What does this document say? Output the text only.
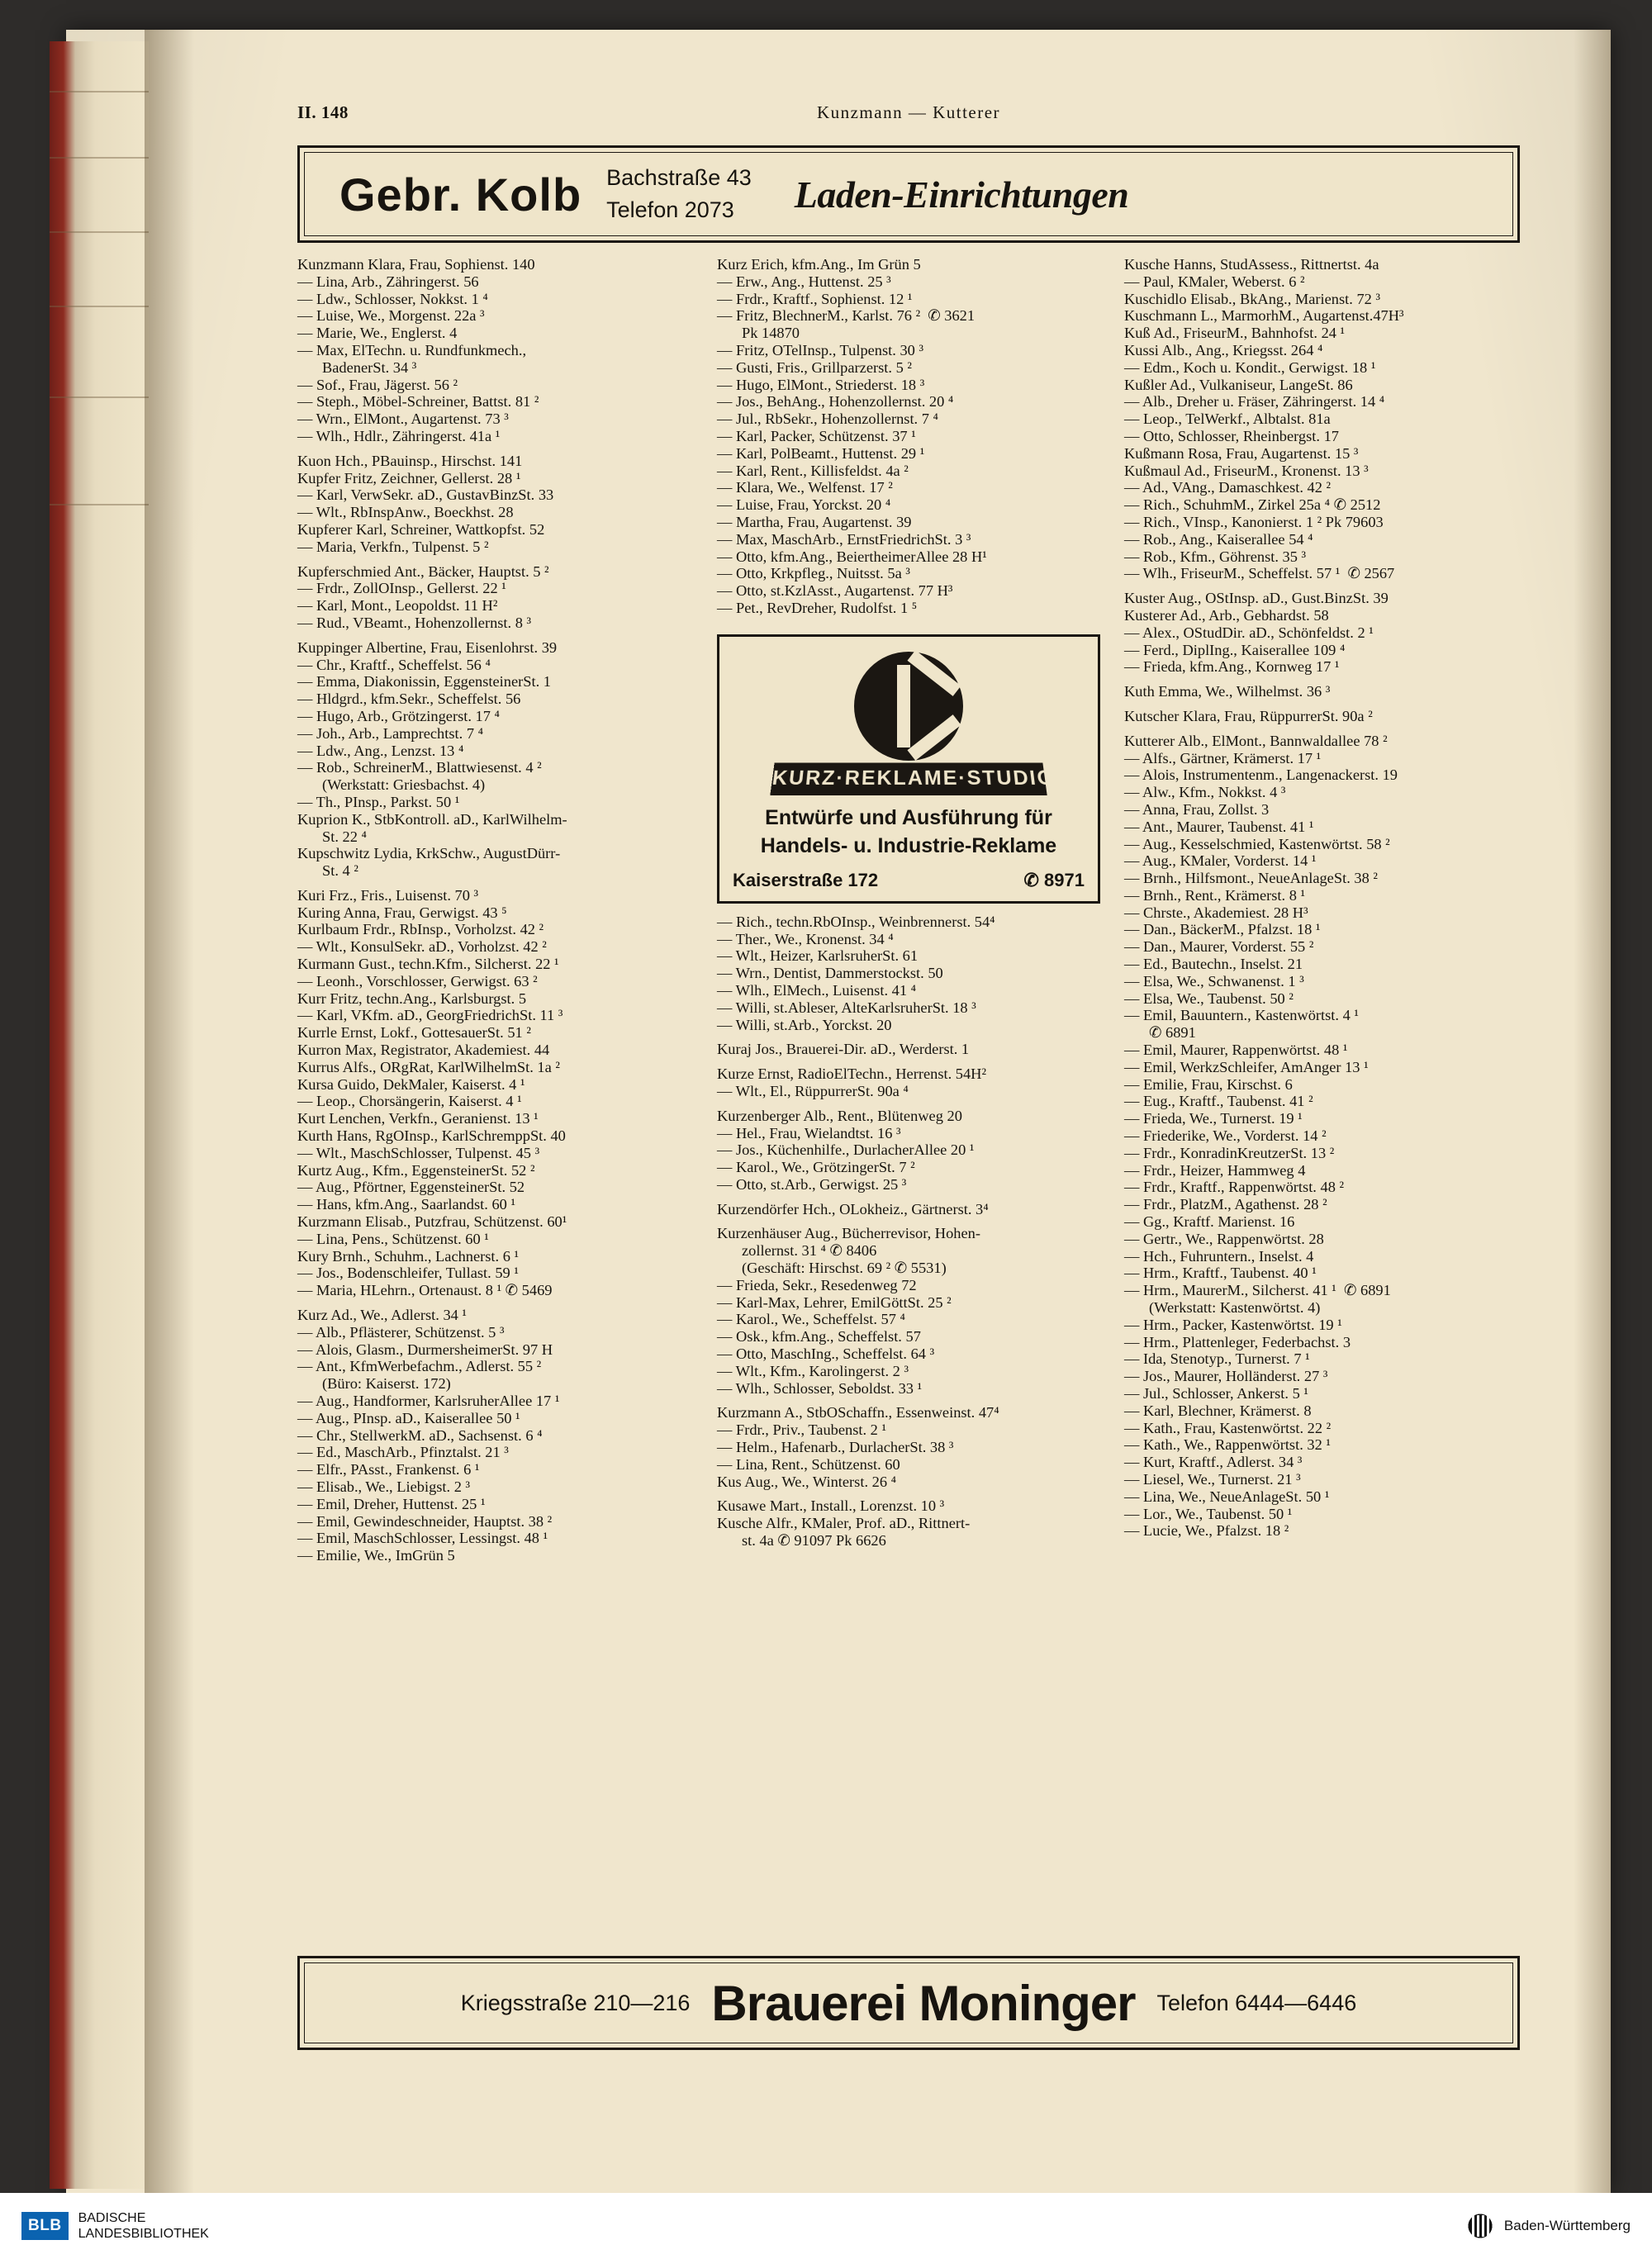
II. 148	Kunzmann — Kutterer
Gebr. Kolb Bachstraße 43
Telefon 2073	Laden-Einrichtungen
Kunzmann Klara, Frau, Sophienst. 140
— Lina, Arb., Zähringerst. 56
— Ldw., Schlosser, Nokkst. 1 ⁴
— Luise, We., Morgenst. 22a ³
— Marie, We., Englerst. 4
— Max, ElTechn. u. Rundfunkmech.,
BadenerSt. 34 ³
— Sof., Frau, Jägerst. 56 ²
— Steph., Möbel-Schreiner, Battst. 81 ²
— Wrn., ElMont., Augartenst. 73 ³
— Wlh., Hdlr., Zähringerst. 41a ¹
Kuon Hch., PBauinsp., Hirschst. 141
Kupfer Fritz, Zeichner, Gellerst. 28 ¹
— Karl, VerwSekr. aD., GustavBinzSt. 33
— Wlt., RbInspAnw., Boeckhst. 28
Kupferer Karl, Schreiner, Wattkopfst. 52
— Maria, Verkfn., Tulpenst. 5 ²
Kupferschmied Ant., Bäcker, Hauptst. 5 ²
— Frdr., ZollOInsp., Gellerst. 22 ¹
— Karl, Mont., Leopoldst. 11 H²
— Rud., VBeamt., Hohenzollernst. 8 ³
Kuppinger Albertine, Frau, Eisenlohrst. 39
— Chr., Kraftf., Scheffelst. 56 ⁴
— Emma, Diakonissin, EggensteinerSt. 1
— Hldgrd., kfm.Sekr., Scheffelst. 56
— Hugo, Arb., Grötzingerst. 17 ⁴
— Joh., Arb., Lamprechtst. 7 ⁴
— Ldw., Ang., Lenzst. 13 ⁴
— Rob., SchreinerM., Blattwiesenst. 4 ²
(Werkstatt: Griesbachst. 4)
— Th., PInsp., Parkst. 50 ¹
Kuprion K., StbKontroll. aD., KarlWilhelm-
St. 22 ⁴
Kupschwitz Lydia, KrkSchw., AugustDürr-
St. 4 ²
Kuri Frz., Fris., Luisenst. 70 ³
Kuring Anna, Frau, Gerwigst. 43 ⁵
Kurlbaum Frdr., RbInsp., Vorholzst. 42 ²
— Wlt., KonsulSekr. aD., Vorholzst. 42 ²
Kurmann Gust., techn.Kfm., Silcherst. 22 ¹
— Leonh., Vorschlosser, Gerwigst. 63 ²
Kurr Fritz, techn.Ang., Karlsburgst. 5
— Karl, VKfm. aD., GeorgFriedrichSt. 11 ³
Kurrle Ernst, Lokf., GottesauerSt. 51 ²
Kurron Max, Registrator, Akademiest. 44
Kurrus Alfs., ORgRat, KarlWilhelmSt. 1a ²
Kursa Guido, DekMaler, Kaiserst. 4 ¹
— Leop., Chorsängerin, Kaiserst. 4 ¹
Kurt Lenchen, Verkfn., Geranienst. 13 ¹
Kurth Hans, RgOInsp., KarlSchremppSt. 40
— Wlt., MaschSchlosser, Tulpenst. 45 ³
Kurtz Aug., Kfm., EggensteinerSt. 52 ²
— Aug., Pförtner, EggensteinerSt. 52
— Hans, kfm.Ang., Saarlandst. 60 ¹
Kurzmann Elisab., Putzfrau, Schützenst. 60¹
— Lina, Pens., Schützenst. 60 ¹
Kury Brnh., Schuhm., Lachnerst. 6 ¹
— Jos., Bodenschleifer, Tullast. 59 ¹
— Maria, HLehrn., Ortenaust. 8 ¹ ✆ 5469
Kurz Ad., We., Adlerst. 34 ¹
— Alb., Pflästerer, Schützenst. 5 ³
— Alois, Glasm., DurmersheimerSt. 97 H
— Ant., KfmWerbefachm., Adlerst. 55 ²
(Büro: Kaiserst. 172)
— Aug., Handformer, KarlsruherAllee 17 ¹
— Aug., PInsp. aD., Kaiserallee 50 ¹
— Chr., StellwerkM. aD., Sachsenst. 6 ⁴
— Ed., MaschArb., Pfinztalst. 21 ³
— Elfr., PAsst., Frankenst. 6 ¹
— Elisab., We., Liebigst. 2 ³
— Emil, Dreher, Huttenst. 25 ¹
— Emil, Gewindeschneider, Hauptst. 38 ²
— Emil, MaschSchlosser, Lessingst. 48 ¹
— Emilie, We., ImGrün 5
Kurz Erich, kfm.Ang., Im Grün 5
— Erw., Ang., Huttenst. 25 ³
— Frdr., Kraftf., Sophienst. 12 ¹
— Fritz, BlechnerM., Karlst. 76 ²  ✆ 3621
Pk 14870
— Fritz, OTelInsp., Tulpenst. 30 ³
— Gusti, Fris., Grillparzerst. 5 ²
— Hugo, ElMont., Striederst. 18 ³
— Jos., BehAng., Hohenzollernst. 20 ⁴
— Jul., RbSekr., Hohenzollernst. 7 ⁴
— Karl, Packer, Schützenst. 37 ¹
— Karl, PolBeamt., Huttenst. 29 ¹
— Karl, Rent., Killisfeldst. 4a ²
— Klara, We., Welfenst. 17 ²
— Luise, Frau, Yorckst. 20 ⁴
— Martha, Frau, Augartenst. 39
— Max, MaschArb., ErnstFriedrichSt. 3 ³
— Otto, kfm.Ang., BeiertheimerAllee 28 H¹
— Otto, Krkpfleg., Nuitsst. 5a ³
— Otto, st.KzlAsst., Augartenst. 77 H³
— Pet., RevDreher, Rudolfst. 1 ⁵
KURZ·REKLAME·STUDIO
Entwürfe und Ausführung für
Handels- u. Industrie-Reklame
Kaiserstraße 172	✆ 8971
— Rich., techn.RbOInsp., Weinbrennerst. 54⁴
— Ther., We., Kronenst. 34 ⁴
— Wlt., Heizer, KarlsruherSt. 61
— Wrn., Dentist, Dammerstockst. 50
— Wlh., ElMech., Luisenst. 41 ⁴
— Willi, st.Ableser, AlteKarlsruherSt. 18 ³
— Willi, st.Arb., Yorckst. 20
Kuraj Jos., Brauerei-Dir. aD., Werderst. 1
Kurze Ernst, RadioElTechn., Herrenst. 54H²
— Wlt., El., RüppurrerSt. 90a ⁴
Kurzenberger Alb., Rent., Blütenweg 20
— Hel., Frau, Wielandtst. 16 ³
— Jos., Küchenhilfe., DurlacherAllee 20 ¹
— Karol., We., GrötzingerSt. 7 ²
— Otto, st.Arb., Gerwigst. 25 ³
Kurzendörfer Hch., OLokheiz., Gärtnerst. 3⁴
Kurzenhäuser Aug., Bücherrevisor, Hohen-
zollernst. 31 ⁴ ✆ 8406
(Geschäft: Hirschst. 69 ² ✆ 5531)
— Frieda, Sekr., Resedenweg 72
— Karl-Max, Lehrer, EmilGöttSt. 25 ²
— Karol., We., Scheffelst. 57 ⁴
— Osk., kfm.Ang., Scheffelst. 57
— Otto, MaschIng., Scheffelst. 64 ³
— Wlt., Kfm., Karolingerst. 2 ³
— Wlh., Schlosser, Seboldst. 33 ¹
Kurzmann A., StbOSchaffn., Essenweinst. 47⁴
— Frdr., Priv., Taubenst. 2 ¹
— Helm., Hafenarb., DurlacherSt. 38 ³
— Lina, Rent., Schützenst. 60
Kus Aug., We., Winterst. 26 ⁴
Kusawe Mart., Install., Lorenzst. 10 ³
Kusche Alfr., KMaler, Prof. aD., Rittnert-
st. 4a ✆ 91097 Pk 6626
Kusche Hanns, StudAssess., Rittnertst. 4a
— Paul, KMaler, Weberst. 6 ²
Kuschidlo Elisab., BkAng., Marienst. 72 ³
Kuschmann L., MarmorhM., Augartenst.47H³
Kuß Ad., FriseurM., Bahnhofst. 24 ¹
Kussi Alb., Ang., Kriegsst. 264 ⁴
— Edm., Koch u. Kondit., Gerwigst. 18 ¹
Kußler Ad., Vulkaniseur, LangeSt. 86
— Alb., Dreher u. Fräser, Zähringerst. 14 ⁴
— Leop., TelWerkf., Albtalst. 81a
— Otto, Schlosser, Rheinbergst. 17
Kußmann Rosa, Frau, Augartenst. 15 ³
Kußmaul Ad., FriseurM., Kronenst. 13 ³
— Ad., VAng., Damaschkest. 42 ²
— Rich., SchuhmM., Zirkel 25a ⁴ ✆ 2512
— Rich., VInsp., Kanonierst. 1 ² Pk 79603
— Rob., Ang., Kaiserallee 54 ⁴
— Rob., Kfm., Göhrenst. 35 ³
— Wlh., FriseurM., Scheffelst. 57 ¹  ✆ 2567
Kuster Aug., OStInsp. aD., Gust.BinzSt. 39
Kusterer Ad., Arb., Gebhardst. 58
— Alex., OStudDir. aD., Schönfeldst. 2 ¹
— Ferd., DiplIng., Kaiserallee 109 ⁴
— Frieda, kfm.Ang., Kornweg 17 ¹
Kuth Emma, We., Wilhelmst. 36 ³
Kutscher Klara, Frau, RüppurrerSt. 90a ²
Kutterer Alb., ElMont., Bannwaldallee 78 ²
— Alfs., Gärtner, Krämerst. 17 ¹
— Alois, Instrumentenm., Langenackerst. 19
— Alw., Kfm., Nokkst. 4 ³
— Anna, Frau, Zollst. 3
— Ant., Maurer, Taubenst. 41 ¹
— Aug., Kesselschmied, Kastenwörtst. 58 ²
— Aug., KMaler, Vorderst. 14 ¹
— Brnh., Hilfsmont., NeueAnlageSt. 38 ²
— Brnh., Rent., Krämerst. 8 ¹
— Chrste., Akademiest. 28 H³
— Dan., BäckerM., Pfalzst. 18 ¹
— Dan., Maurer, Vorderst. 55 ²
— Ed., Bautechn., Inselst. 21
— Elsa, We., Schwanenst. 1 ³
— Elsa, We., Taubenst. 50 ²
— Emil, Bauuntern., Kastenwörtst. 4 ¹
✆ 6891
— Emil, Maurer, Rappenwörtst. 48 ¹
— Emil, WerkzSchleifer, AmAnger 13 ¹
— Emilie, Frau, Kirschst. 6
— Eug., Kraftf., Taubenst. 41 ²
— Frieda, We., Turnerst. 19 ¹
— Friederike, We., Vorderst. 14 ²
— Frdr., KonradinKreutzerSt. 13 ²
— Frdr., Heizer, Hammweg 4
— Frdr., Kraftf., Rappenwörtst. 48 ²
— Frdr., PlatzM., Agathenst. 28 ²
— Gg., Kraftf. Marienst. 16
— Gertr., We., Rappenwörtst. 28
— Hch., Fuhruntern., Inselst. 4
— Hrm., Kraftf., Taubenst. 40 ¹
— Hrm., MaurerM., Silcherst. 41 ¹  ✆ 6891
(Werkstatt: Kastenwörtst. 4)
— Hrm., Packer, Kastenwörtst. 19 ¹
— Hrm., Plattenleger, Federbachst. 3
— Ida, Stenotyp., Turnerst. 7 ¹
— Jos., Maurer, Holländerst. 27 ³
— Jul., Schlosser, Ankerst. 5 ¹
— Karl, Blechner, Krämerst. 8
— Kath., Frau, Kastenwörtst. 22 ²
— Kath., We., Rappenwörtst. 32 ¹
— Kurt, Kraftf., Adlerst. 34 ³
— Liesel, We., Turnerst. 21 ³
— Lina, We., NeueAnlageSt. 50 ¹
— Lor., We., Taubenst. 50 ¹
— Lucie, We., Pfalzst. 18 ²
Kriegsstraße 210—216 Brauerei Moninger Telefon 6444—6446
BLB	BADISCHE
LANDESBIBLIOTHEK
Baden-Württemberg
